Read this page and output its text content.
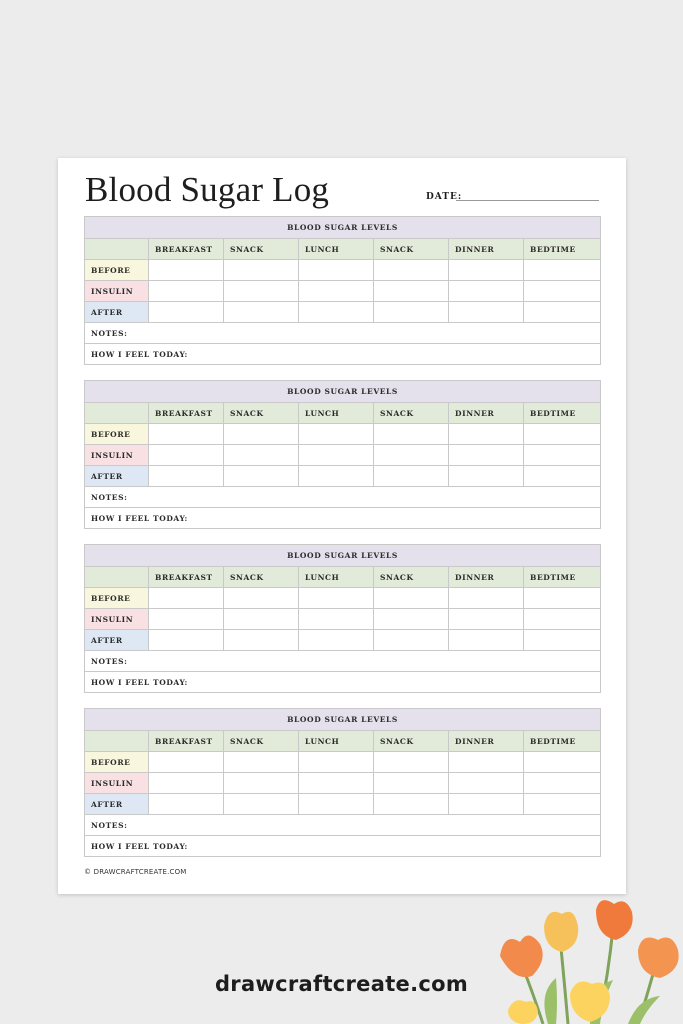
Blood Sugar Log	DATE:
BLOOD SUGAR LEVELS						
	BREAKFAST	SNACK	LUNCH	SNACK	DINNER	BEDTIME
BEFORE						
INSULIN						
AFTER						
NOTES:						
HOW I FEEL TODAY:						
BLOOD SUGAR LEVELS						
	BREAKFAST	SNACK	LUNCH	SNACK	DINNER	BEDTIME
BEFORE						
INSULIN						
AFTER						
NOTES:						
HOW I FEEL TODAY:						
BLOOD SUGAR LEVELS						
	BREAKFAST	SNACK	LUNCH	SNACK	DINNER	BEDTIME
BEFORE						
INSULIN						
AFTER						
NOTES:						
HOW I FEEL TODAY:						
BLOOD SUGAR LEVELS						
	BREAKFAST	SNACK	LUNCH	SNACK	DINNER	BEDTIME
BEFORE						
INSULIN						
AFTER						
NOTES:						
HOW I FEEL TODAY:						
© DRAWCRAFTCREATE.COM
drawcraftcreate.com
